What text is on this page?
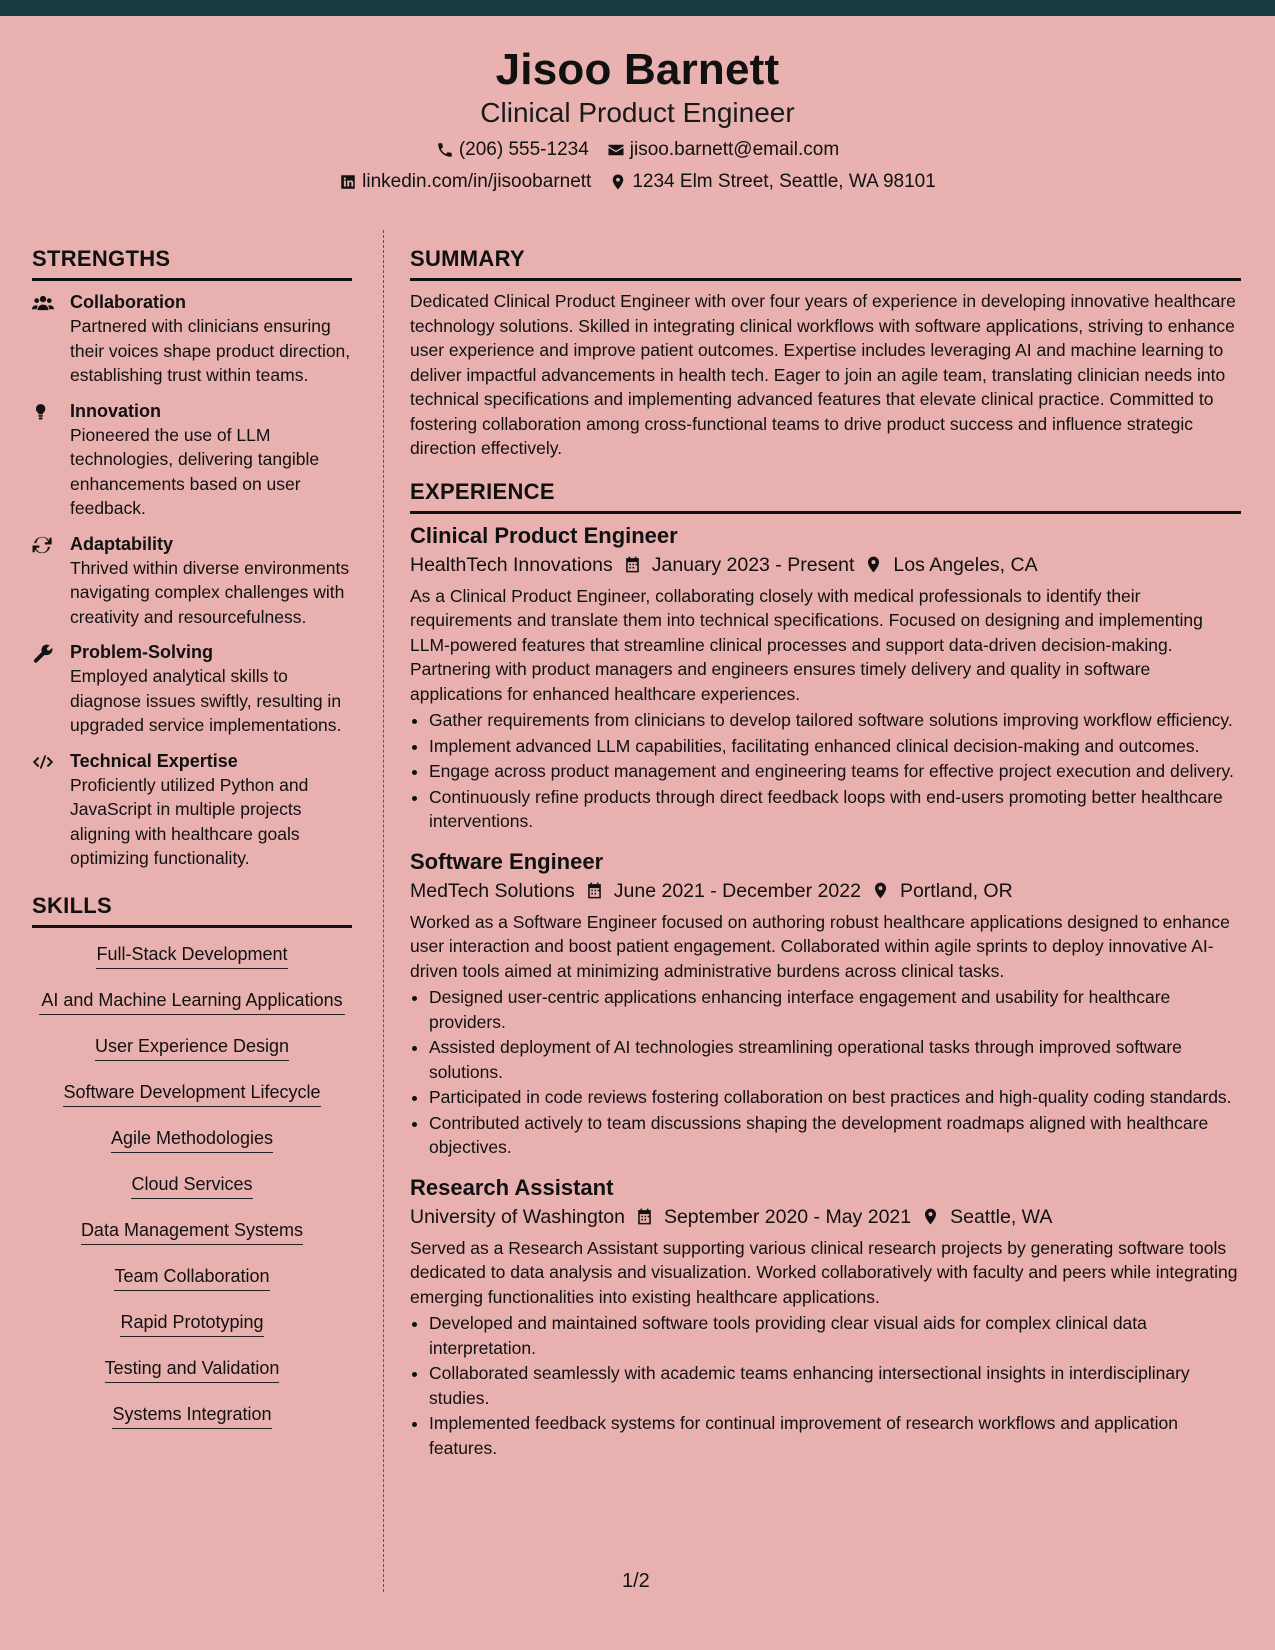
Jisoo Barnett
Clinical Product Engineer
(206) 555-1234 jisoo.barnett@email.com
linkedin.com/in/jisoobarnett 1234 Elm Street, Seattle, WA 98101
STRENGTHS
Collaboration
Partnered with clinicians ensuring their voices shape product direction, establishing trust within teams.
Innovation
Pioneered the use of LLM technologies, delivering tangible enhancements based on user feedback.
Adaptability
Thrived within diverse environments navigating complex challenges with creativity and resourcefulness.
Problem-Solving
Employed analytical skills to diagnose issues swiftly, resulting in upgraded service implementations.
Technical Expertise
Proficiently utilized Python and JavaScript in multiple projects aligning with healthcare goals optimizing functionality.
SKILLS
Full-Stack Development
AI and Machine Learning Applications
User Experience Design
Software Development Lifecycle
Agile Methodologies
Cloud Services
Data Management Systems
Team Collaboration
Rapid Prototyping
Testing and Validation
Systems Integration
SUMMARY
Dedicated Clinical Product Engineer with over four years of experience in developing innovative healthcare technology solutions. Skilled in integrating clinical workflows with software applications, striving to enhance user experience and improve patient outcomes. Expertise includes leveraging AI and machine learning to deliver impactful advancements in health tech. Eager to join an agile team, translating clinician needs into technical specifications and implementing advanced features that elevate clinical practice. Committed to fostering collaboration among cross-functional teams to drive product success and influence strategic direction effectively.
EXPERIENCE
Clinical Product Engineer
HealthTech Innovations January 2023 - Present Los Angeles, CA
As a Clinical Product Engineer, collaborating closely with medical professionals to identify their requirements and translate them into technical specifications. Focused on designing and implementing LLM-powered features that streamline clinical processes and support data-driven decision-making. Partnering with product managers and engineers ensures timely delivery and quality in software applications for enhanced healthcare experiences.
• Gather requirements from clinicians to develop tailored software solutions improving workflow efficiency.
• Implement advanced LLM capabilities, facilitating enhanced clinical decision-making and outcomes.
• Engage across product management and engineering teams for effective project execution and delivery.
• Continuously refine products through direct feedback loops with end-users promoting better healthcare interventions.
Software Engineer
MedTech Solutions June 2021 - December 2022 Portland, OR
Worked as a Software Engineer focused on authoring robust healthcare applications designed to enhance user interaction and boost patient engagement. Collaborated within agile sprints to deploy innovative AI-driven tools aimed at minimizing administrative burdens across clinical tasks.
• Designed user-centric applications enhancing interface engagement and usability for healthcare providers.
• Assisted deployment of AI technologies streamlining operational tasks through improved software solutions.
• Participated in code reviews fostering collaboration on best practices and high-quality coding standards.
• Contributed actively to team discussions shaping the development roadmaps aligned with healthcare objectives.
Research Assistant
University of Washington September 2020 - May 2021 Seattle, WA
Served as a Research Assistant supporting various clinical research projects by generating software tools dedicated to data analysis and visualization. Worked collaboratively with faculty and peers while integrating emerging functionalities into existing healthcare applications.
• Developed and maintained software tools providing clear visual aids for complex clinical data interpretation.
• Collaborated seamlessly with academic teams enhancing intersectional insights in interdisciplinary studies.
• Implemented feedback systems for continual improvement of research workflows and application features.
1/2
